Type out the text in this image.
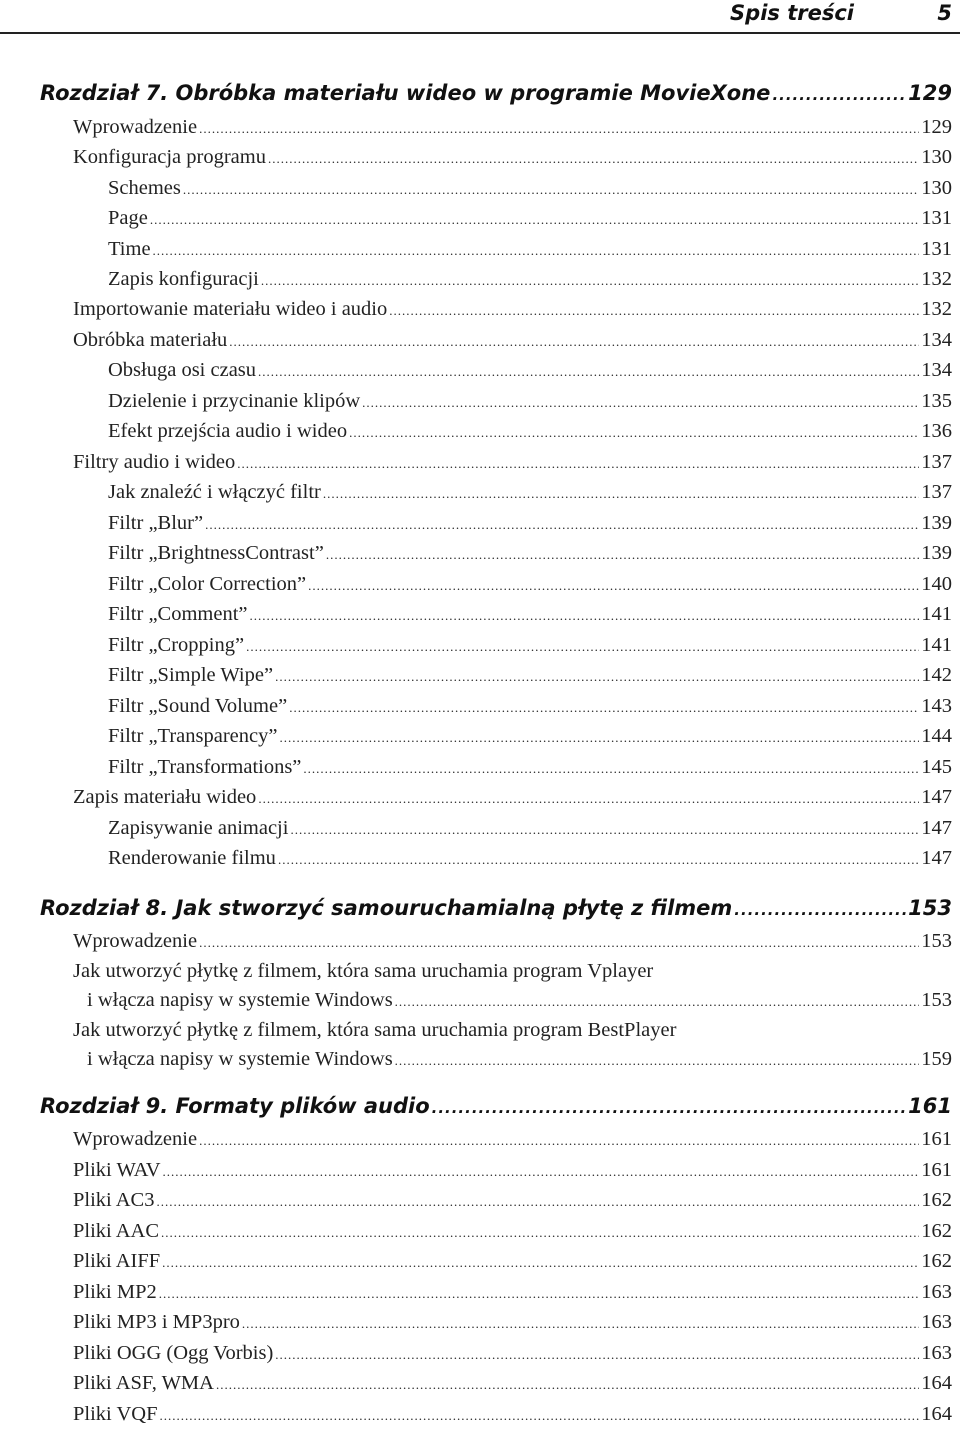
Spis treści	5
Rozdział 7. Obróbka materiału wideo w programie MovieXone .....	129
Wprowadzenie .....	129
Konfiguracja programu .....	130
Schemes .....	130
Page .....	131
Time .....	131
Zapis konfiguracji .....	132
Importowanie materiału wideo i audio .....	132
Obróbka materiału .....	134
Obsługa osi czasu .....	134
Dzielenie i przycinanie klipów .....	135
Efekt przejścia audio i wideo .....	136
Filtry audio i wideo .....	137
Jak znaleźć i włączyć filtr .....	137
Filtr „Blur” .....	139
Filtr „BrightnessContrast” .....	139
Filtr „Color Correction” .....	140
Filtr „Comment” .....	141
Filtr „Cropping” .....	141
Filtr „Simple Wipe” .....	142
Filtr „Sound Volume” .....	143
Filtr „Transparency” .....	144
Filtr „Transformations” .....	145
Zapis materiału wideo .....	147
Zapisywanie animacji .....	147
Renderowanie filmu .....	147
Rozdział 8. Jak stworzyć samouruchamialną płytę z filmem .....	153
Wprowadzenie .....	153
Jak utworzyć płytkę z filmem, która sama uruchamia program Vplayer
i włącza napisy w systemie Windows .....	153
Jak utworzyć płytkę z filmem, która sama uruchamia program BestPlayer
i włącza napisy w systemie Windows .....	159
Rozdział 9. Formaty plików audio .....	161
Wprowadzenie .....	161
Pliki WAV .....	161
Pliki AC3 .....	162
Pliki AAC .....	162
Pliki AIFF .....	162
Pliki MP2 .....	163
Pliki MP3 i MP3pro .....	163
Pliki OGG (Ogg Vorbis) .....	163
Pliki ASF, WMA .....	164
Pliki VQF .....	164
